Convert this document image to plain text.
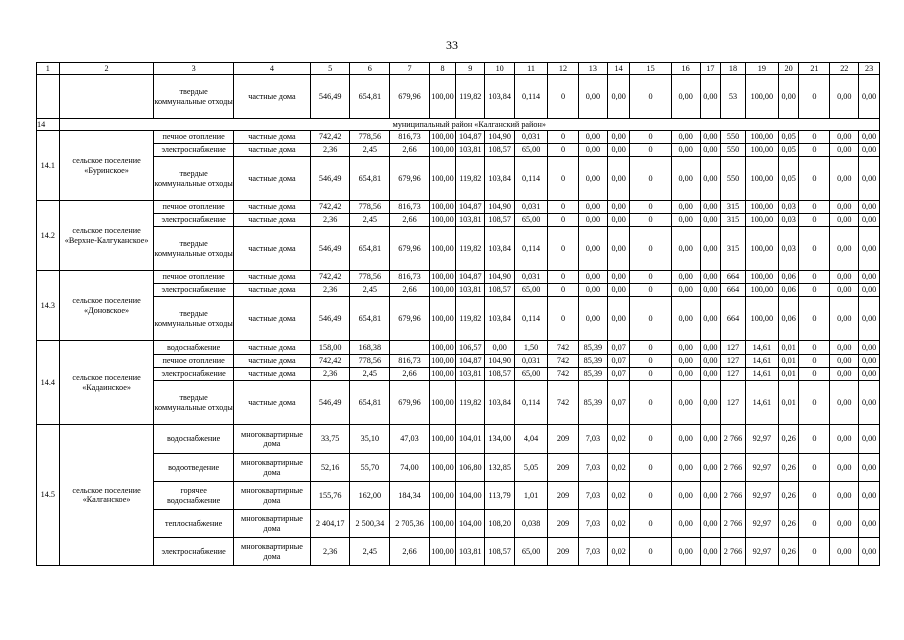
33
1	2	3	4	5	6	7	8	9	10	11	12	13	14	15	16	17	18	19	20	21	22	23
		твердые коммунальные отходы	частные дома	546,49	654,81	679,96	100,00	119,82	103,84	0,114	0	0,00	0,00	0	0,00	0,00	53	100,00	0,00	0	0,00	0,00
14	муниципальный район «Калганский район»																					
14.1	сельское поселение «Буринское»	печное отопление	частные дома	742,42	778,56	816,73	100,00	104,87	104,90	0,031	0	0,00	0,00	0	0,00	0,00	550	100,00	0,05	0	0,00	0,00
		электроснабжение	частные дома	2,36	2,45	2,66	100,00	103,81	108,57	65,00	0	0,00	0,00	0	0,00	0,00	550	100,00	0,05	0	0,00	0,00
		твердые коммунальные отходы	частные дома	546,49	654,81	679,96	100,00	119,82	103,84	0,114	0	0,00	0,00	0	0,00	0,00	550	100,00	0,05	0	0,00	0,00
14.2	сельское поселение «Верхне-Калгуканское»	печное отопление	частные дома	742,42	778,56	816,73	100,00	104,87	104,90	0,031	0	0,00	0,00	0	0,00	0,00	315	100,00	0,03	0	0,00	0,00
		электроснабжение	частные дома	2,36	2,45	2,66	100,00	103,81	108,57	65,00	0	0,00	0,00	0	0,00	0,00	315	100,00	0,03	0	0,00	0,00
		твердые коммунальные отходы	частные дома	546,49	654,81	679,96	100,00	119,82	103,84	0,114	0	0,00	0,00	0	0,00	0,00	315	100,00	0,03	0	0,00	0,00
14.3	сельское поселение «Доновское»	печное отопление	частные дома	742,42	778,56	816,73	100,00	104,87	104,90	0,031	0	0,00	0,00	0	0,00	0,00	664	100,00	0,06	0	0,00	0,00
		электроснабжение	частные дома	2,36	2,45	2,66	100,00	103,81	108,57	65,00	0	0,00	0,00	0	0,00	0,00	664	100,00	0,06	0	0,00	0,00
		твердые коммунальные отходы	частные дома	546,49	654,81	679,96	100,00	119,82	103,84	0,114	0	0,00	0,00	0	0,00	0,00	664	100,00	0,06	0	0,00	0,00
14.4	сельское поселение «Кадаинское»	водоснабжение	частные дома	158,00	168,38		100,00	106,57	0,00	1,50	742	85,39	0,07	0	0,00	0,00	127	14,61	0,01	0	0,00	0,00
		печное отопление	частные дома	742,42	778,56	816,73	100,00	104,87	104,90	0,031	742	85,39	0,07	0	0,00	0,00	127	14,61	0,01	0	0,00	0,00
		электроснабжение	частные дома	2,36	2,45	2,66	100,00	103,81	108,57	65,00	742	85,39	0,07	0	0,00	0,00	127	14,61	0,01	0	0,00	0,00
		твердые коммунальные отходы	частные дома	546,49	654,81	679,96	100,00	119,82	103,84	0,114	742	85,39	0,07	0	0,00	0,00	127	14,61	0,01	0	0,00	0,00
14.5	сельское поселение «Калганское»	водоснабжение	многоквартирные дома	33,75	35,10	47,03	100,00	104,01	134,00	4,04	209	7,03	0,02	0	0,00	0,00	2 766	92,97	0,26	0	0,00	0,00
		водоотведение	многоквартирные дома	52,16	55,70	74,00	100,00	106,80	132,85	5,05	209	7,03	0,02	0	0,00	0,00	2 766	92,97	0,26	0	0,00	0,00
		горячее водоснабжение	многоквартирные дома	155,76	162,00	184,34	100,00	104,00	113,79	1,01	209	7,03	0,02	0	0,00	0,00	2 766	92,97	0,26	0	0,00	0,00
		теплоснабжение	многоквартирные дома	2 404,17	2 500,34	2 705,36	100,00	104,00	108,20	0,038	209	7,03	0,02	0	0,00	0,00	2 766	92,97	0,26	0	0,00	0,00
		электроснабжение	многоквартирные дома	2,36	2,45	2,66	100,00	103,81	108,57	65,00	209	7,03	0,02	0	0,00	0,00	2 766	92,97	0,26	0	0,00	0,00
